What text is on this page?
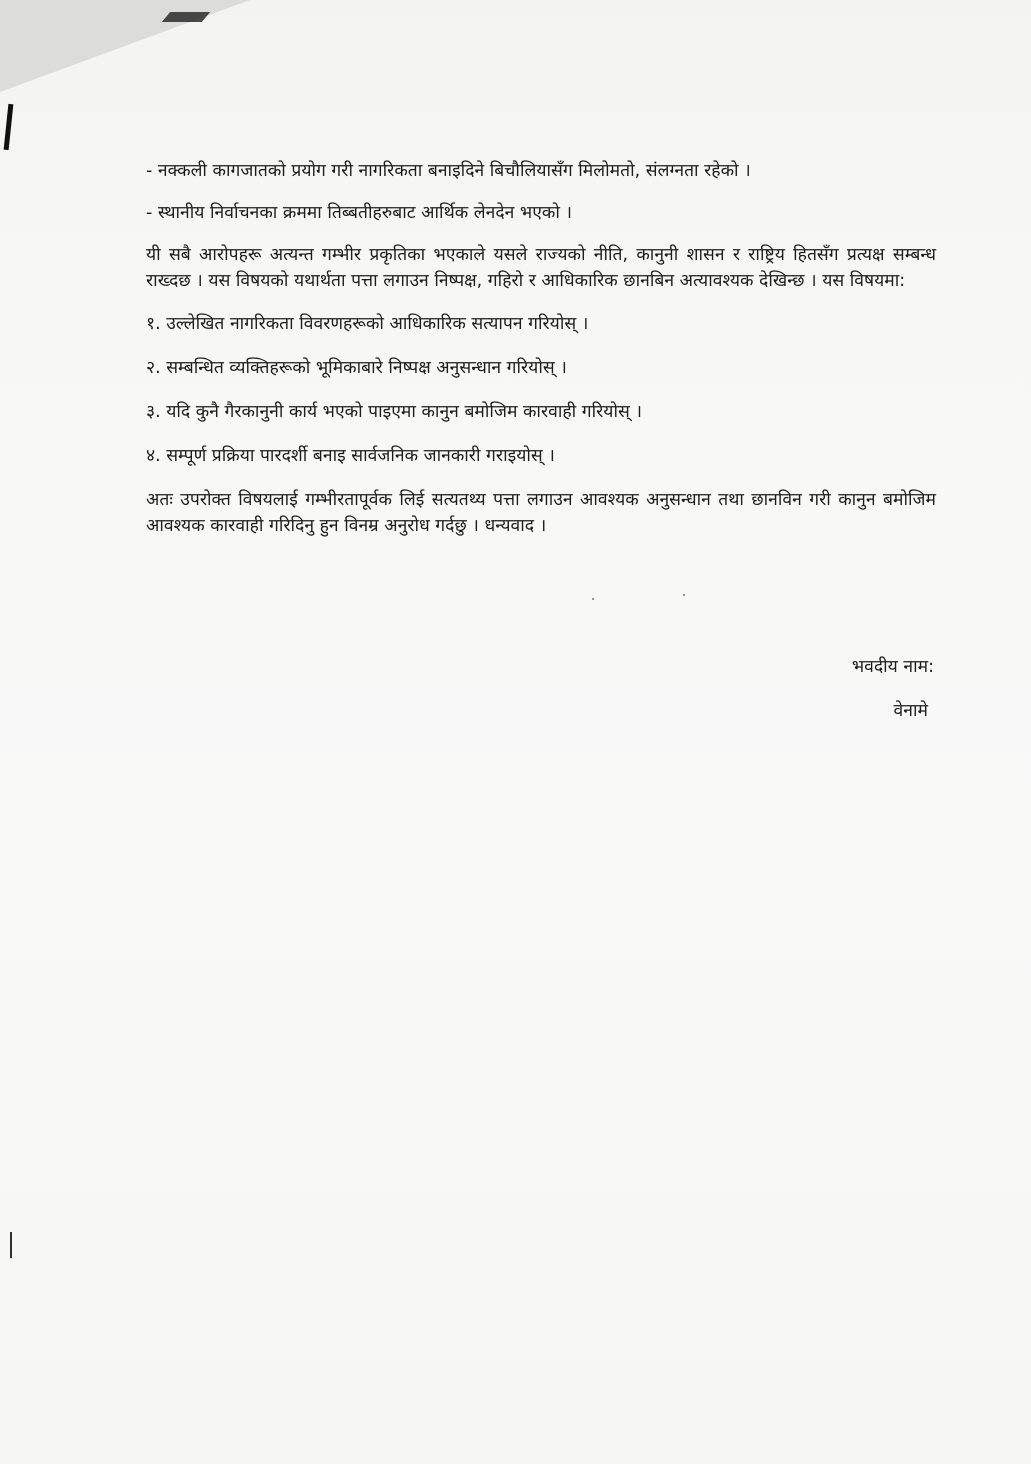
- नक्कली कागजातको प्रयोग गरी नागरिकता बनाइदिने बिचौलियासँग मिलोमतो, संलग्नता रहेको ।

- स्थानीय निर्वाचनका क्रममा तिब्बतीहरुबाट आर्थिक लेनदेन भएको ।

यी सबै आरोपहरू अत्यन्त गम्भीर प्रकृतिका भएकाले यसले राज्यको नीति, कानुनी शासन र राष्ट्रिय हितसँग प्रत्यक्ष सम्बन्ध राख्दछ । यस विषयको यथार्थता पत्ता लगाउन निष्पक्ष, गहिरो र आधिकारिक छानबिन अत्यावश्यक देखिन्छ । यस विषयमा:

१. उल्लेखित नागरिकता विवरणहरूको आधिकारिक सत्यापन गरियोस् ।

२. सम्बन्धित व्यक्तिहरूको भूमिकाबारे निष्पक्ष अनुसन्धान गरियोस् ।

३. यदि कुनै गैरकानुनी कार्य भएको पाइएमा कानुन बमोजिम कारवाही गरियोस् ।

४. सम्पूर्ण प्रक्रिया पारदर्शी बनाइ सार्वजनिक जानकारी गराइयोस् ।

अतः उपरोक्त विषयलाई गम्भीरतापूर्वक लिई सत्यतथ्य पत्ता लगाउन आवश्यक अनुसन्धान तथा छानविन गरी कानुन बमोजिम आवश्यक कारवाही गरिदिनु हुन विनम्र अनुरोध गर्दछु । धन्यवाद ।

भवदीय नाम:

वेनामे
